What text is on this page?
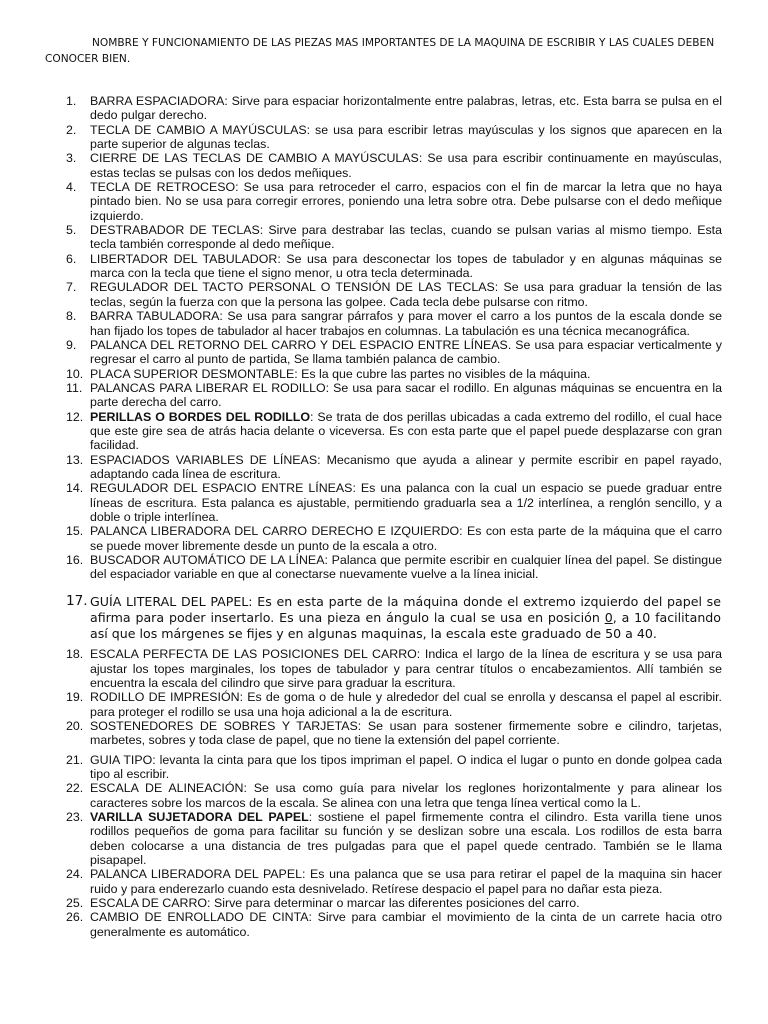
NOMBRE Y FUNCIONAMIENTO DE LAS PIEZAS MAS IMPORTANTES DE LA MAQUINA DE ESCRIBIR Y LAS CUALES DEBEN CONOCER BIEN.

1.	BARRA ESPACIADORA: Sirve para espaciar horizontalmente entre palabras, letras, etc. Esta barra se pulsa en el dedo pulgar derecho.
2.	TECLA DE CAMBIO A MAYÚSCULAS: se usa para escribir letras mayúsculas y los signos que aparecen en la parte superior de algunas teclas.
3.	CIERRE DE LAS TECLAS DE CAMBIO A MAYÚSCULAS: Se usa para escribir continuamente en mayúsculas, estas teclas se pulsas con los dedos meñiques.
4.	TECLA DE RETROCESO: Se usa para retroceder el carro, espacios con el fin de marcar la letra que no haya pintado bien. No se usa para corregir errores, poniendo una letra sobre otra. Debe pulsarse con el dedo meñique izquierdo.
5.	DESTRABADOR DE TECLAS: Sirve para destrabar las teclas, cuando se pulsan varias al mismo tiempo. Esta tecla también corresponde al dedo meñique.
6.	LIBERTADOR DEL TABULADOR: Se usa para desconectar los topes de tabulador y en algunas máquinas se marca con la tecla que tiene el signo menor, u otra tecla determinada.
7.	REGULADOR DEL TACTO PERSONAL O TENSIÓN DE LAS TECLAS: Se usa para graduar la tensión de las teclas, según la fuerza con que la persona las golpee. Cada tecla debe pulsarse con ritmo.
8.	BARRA TABULADORA: Se usa para sangrar párrafos y para mover el carro a los puntos de la escala donde se han fijado los topes de tabulador al hacer trabajos en columnas. La tabulación es una técnica mecanográfica.
9.	PALANCA DEL RETORNO DEL CARRO Y DEL ESPACIO ENTRE LÍNEAS. Se usa para espaciar verticalmente y regresar el carro al punto de partida, Se llama también palanca de cambio.
10. PLACA SUPERIOR DESMONTABLE: Es la que cubre las partes no visibles de la máquina.
11. PALANCAS PARA LIBERAR EL RODILLO: Se usa para sacar el rodillo. En algunas máquinas se encuentra en la parte derecha del carro.
12. PERILLAS O BORDES DEL RODILLO: Se trata de dos perillas ubicadas a cada extremo del rodillo, el cual hace que este gire sea de atrás hacia delante o viceversa. Es con esta parte que el papel puede desplazarse con gran facilidad.
13. ESPACIADOS VARIABLES DE LÍNEAS: Mecanismo que ayuda a alinear y permite escribir en papel rayado, adaptando cada línea de escritura.
14. REGULADOR DEL ESPACIO ENTRE LÍNEAS: Es una palanca con la cual un espacio se puede graduar entre líneas de escritura. Esta palanca es ajustable, permitiendo graduarla sea a 1/2 interlínea, a renglón sencillo, y a doble o triple interlínea.
15. PALANCA LIBERADORA DEL CARRO DERECHO E IZQUIERDO: Es con esta parte de la máquina que el carro se puede mover libremente desde un punto de la escala a otro.
16. BUSCADOR AUTOMÁTICO DE LA LÍNEA: Palanca que permite escribir en cualquier línea del papel. Se distingue del espaciador variable en que al conectarse nuevamente vuelve a la línea inicial.
17. GUÍA LITERAL DEL PAPEL: Es en esta parte de la máquina donde el extremo izquierdo del papel se afirma para poder insertarlo. Es una pieza en ángulo la cual se usa en posición 0, a 10 facilitando así que los márgenes se fijes y en algunas maquinas, la escala este graduado de 50 a 40.
18. ESCALA PERFECTA DE LAS POSICIONES DEL CARRO: Indica el largo de la línea de escritura y se usa para ajustar los topes marginales, los topes de tabulador y para centrar títulos o encabezamientos. Allí también se encuentra la escala del cilindro que sirve para graduar la escritura.
19. RODILLO DE IMPRESIÓN: Es de goma o de hule y alrededor del cual se enrolla y descansa el papel al escribir. para proteger el rodillo se usa una hoja adicional a la de escritura.
20. SOSTENEDORES DE SOBRES Y TARJETAS: Se usan para sostener firmemente sobre e cilindro, tarjetas, marbetes, sobres y toda clase de papel, que no tiene la extensión del papel corriente.
21. GUIA TIPO: levanta la cinta para que los tipos impriman el papel. O indica el lugar o punto en donde golpea cada tipo al escribir.
22. ESCALA DE ALINEACIÓN: Se usa como guía para nivelar los reglones horizontalmente y para alinear los caracteres sobre los marcos de la escala. Se alinea con una letra que tenga línea vertical como la L.
23. VARILLA SUJETADORA DEL PAPEL: sostiene el papel firmemente contra el cilindro. Esta varilla tiene unos rodillos pequeños de goma para facilitar su función y se deslizan sobre una escala. Los rodillos de esta barra deben colocarse a una distancia de tres pulgadas para que el papel quede centrado. También se le llama pisapapel.
24. PALANCA LIBERADORA DEL PAPEL: Es una palanca que se usa para retirar el papel de la maquina sin hacer ruido y para enderezarlo cuando esta desnivelado. Retírese despacio el papel para no dañar esta pieza.
25. ESCALA DE CARRO: Sirve para determinar o marcar las diferentes posiciones del carro.
26. CAMBIO DE ENROLLADO DE CINTA: Sirve para cambiar el movimiento de la cinta de un carrete hacia otro generalmente es automático.
